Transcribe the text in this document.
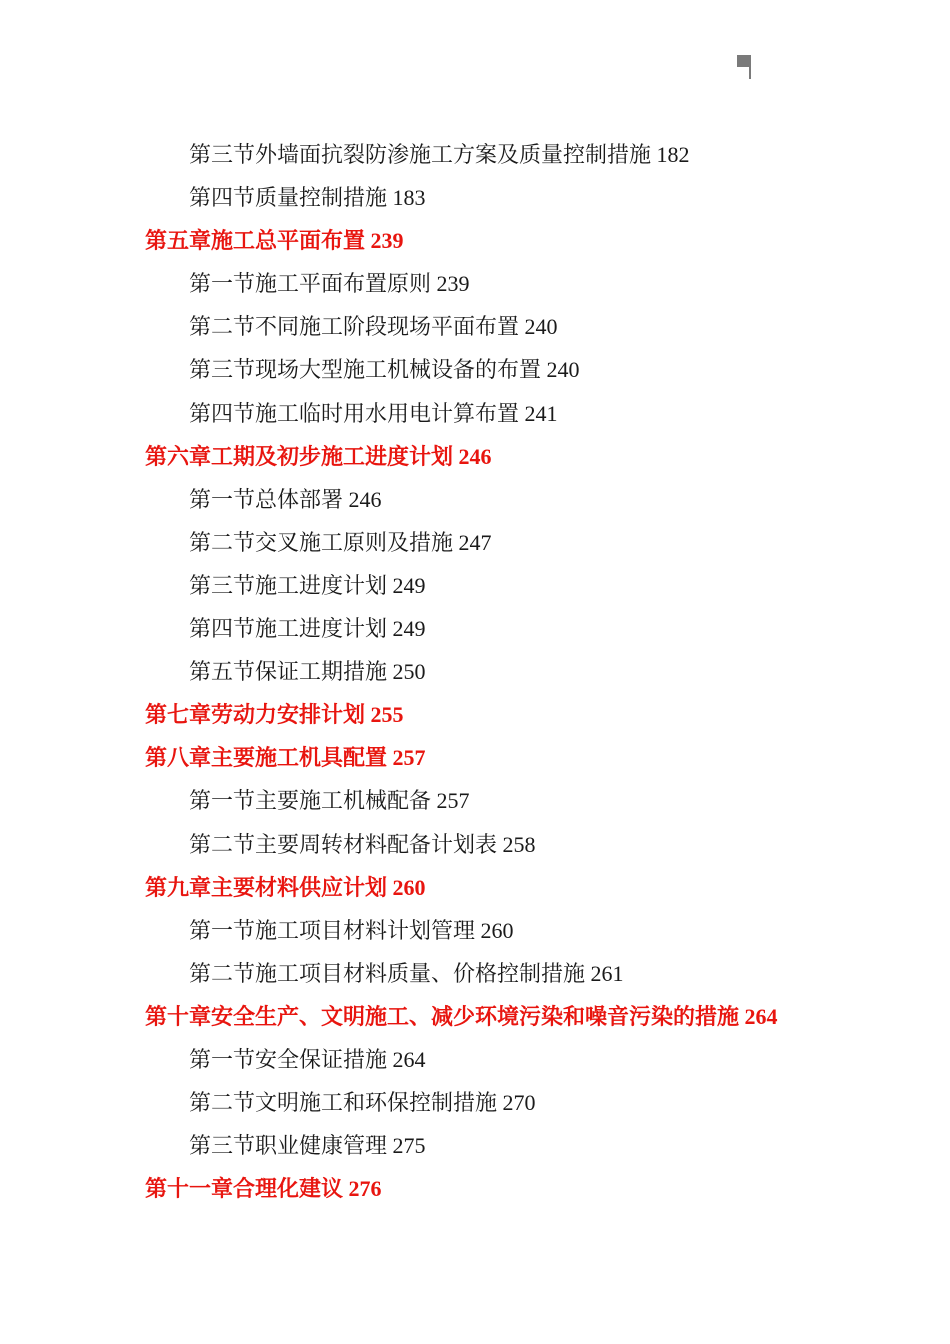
第三节外墙面抗裂防渗施工方案及质量控制措施 182
第四节质量控制措施 183
第五章施工总平面布置 239
第一节施工平面布置原则 239
第二节不同施工阶段现场平面布置 240
第三节现场大型施工机械设备的布置 240
第四节施工临时用水用电计算布置 241
第六章工期及初步施工进度计划 246
第一节总体部署 246
第二节交叉施工原则及措施 247
第三节施工进度计划 249
第四节施工进度计划 249
第五节保证工期措施 250
第七章劳动力安排计划 255
第八章主要施工机具配置 257
第一节主要施工机械配备 257
第二节主要周转材料配备计划表 258
第九章主要材料供应计划 260
第一节施工项目材料计划管理 260
第二节施工项目材料质量、价格控制措施 261
第十章安全生产、文明施工、减少环境污染和噪音污染的措施 264
第一节安全保证措施 264
第二节文明施工和环保控制措施 270
第三节职业健康管理 275
第十一章合理化建议 276
